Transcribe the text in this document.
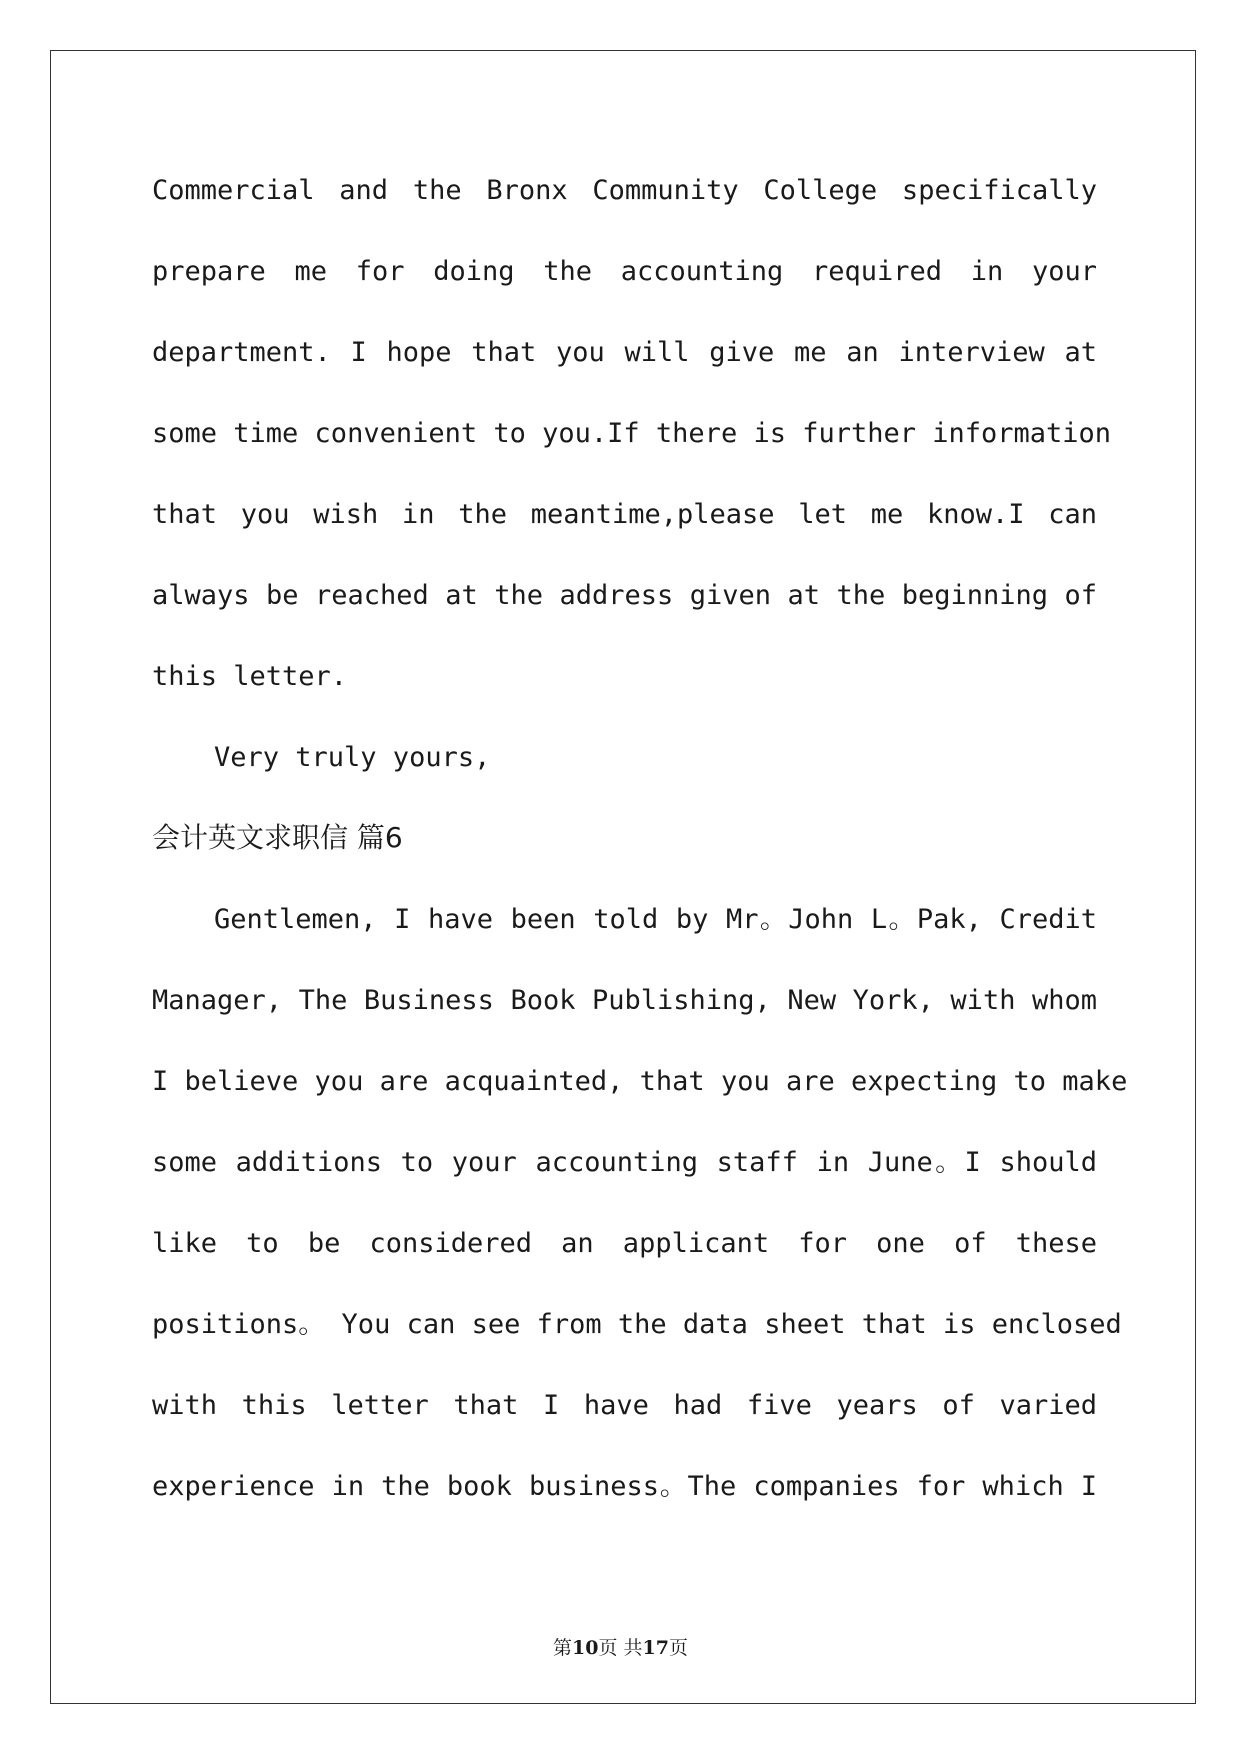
Commercial and the Bronx Community College specifically
prepare me for doing the accounting required in your
department. I hope that you will give me an interview at
some time convenient to you.If there is further information
that you wish in the meantime,please let me know.I can
always be reached at the address given at the beginning of
this letter.
Very truly yours,
会计英文求职信 篇6
Gentlemen, I have been told by Mr。John L。Pak, Credit
Manager, The Business Book Publishing, New York, with whom
I believe you are acquainted, that you are expecting to make
some additions to your accounting staff in June。I should
like to be considered an applicant for one of these
positions。 You can see from the data sheet that is enclosed
with this letter that I have had five years of varied
experience in the book business。The companies for which I
第10页 共17页
